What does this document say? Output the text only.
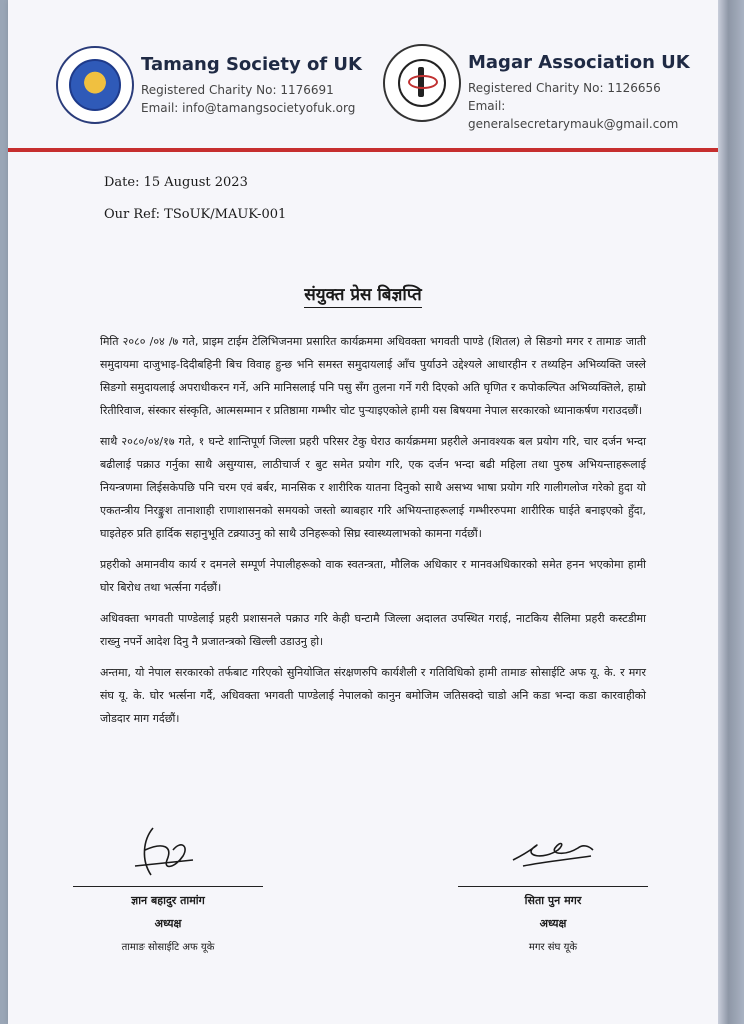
Tamang Society of UK
Registered Charity No: 1176691
Email: info@tamangsocietyofuk.org
Magar Association UK
Registered Charity No: 1126656
Email: generalsecretarymauk@gmail.com
Date: 15 August 2023
Our Ref: TSoUK/MAUK-001
संयुक्त प्रेस बिज्ञप्ति

मिति २०८० /०४ /७ गते, प्राइम टाईम टेलिभिजनमा प्रसारित कार्यक्रममा अधिवक्ता भगवती पाण्डे (शितल) ले सिङगो मगर र तामाङ जाती समुदायमा दाजुभाइ-दिदीबहिनी बिच विवाह हुन्छ भनि समस्त समुदायलाई आँच पुर्याउने उद्देश्यले आधारहीन र तथ्यहिन अभिव्यक्ति जस्ले सिङगो समुदायलाई अपराधीकरन गर्ने, अनि मानिसलाई पनि पसु सँग तुलना गर्ने गरी दिएको अति घृणित र कपोकल्पित अभिव्यक्तिले, हाम्रो रितीरिवाज, संस्कार संस्कृति, आत्मसम्मान र प्रतिष्ठामा गम्भीर चोट पुऱ्याइएकोले हामी यस बिषयमा नेपाल सरकारको ध्यानाकर्षण गराउदछौं।

साथै २०८०/०४/१७ गते, १ घन्टे शान्तिपूर्ण जिल्ला प्रहरी परिसर टेकु घेराउ कार्यक्रममा प्रहरीले अनावश्यक बल प्रयोग गरि, चार दर्जन भन्दा बढीलाई पक्राउ गर्नुका साथै असुग्यास, लाठीचार्ज र बुट समेत प्रयोग गरि, एक दर्जन भन्दा बढी महिला तथा पुरुष अभियन्ताहरूलाई नियन्त्रणमा लिईसकेपछि पनि चरम एवं बर्बर, मानसिक र शारीरिक यातना दिनुको साथै असभ्य भाषा प्रयोग गरि गालीगलोज गरेको हुदा यो एकतन्त्रीय निरङ्कुश तानाशाही राणाशासनको समयको जस्तो ब्याबहार गरि अभियन्ताहरूलाई गम्भीररुपमा शारीरिक घाईते बनाइएको हुँदा, घाइतेहरु प्रति हार्दिक सहानुभूति टक्र्याउनु को साथै उनिहरूको सिघ्र स्वास्थ्यलाभको कामना गर्दछौं।

प्रहरीको अमानवीय कार्य र दमनले सम्पूर्ण नेपालीहरूको वाक स्वतन्त्रता, मौलिक अधिकार र मानवअधिकारको समेत हनन भएकोमा हामी घोर बिरोध तथा भर्त्सना गर्दछौं।

अधिवक्ता भगवती पाण्डेलाई प्रहरी प्रशासनले पक्राउ गरि केही घन्टामै जिल्ला अदालत उपस्थित गराई, नाटकिय सैलिमा प्रहरी कस्टडीमा राख्नु नपर्ने आदेश दिनु नै प्रजातन्त्रको खिल्ली उडाउनु हो।

अन्तमा, यो नेपाल सरकारको तर्फबाट गरिएको सुनियोजित संरक्षणरुपि कार्यशैली र गतिविधिको हामी तामाङ सोसाईटि अफ यू. के. र मगर संघ यू. के. घोर भर्त्सना गर्दै, अधिवक्ता भगवती पाण्डेलाई नेपालको कानुन बमोजिम जतिसक्दो चाडो अनि कडा भन्दा कडा कारवाहीको जोडदार माग गर्दछौं।

ज्ञान बहादुर तामांग
अध्यक्ष
तामाङ सोसाईटि अफ यूके
सिता पुन मगर
अध्यक्ष
मगर संघ यूके
